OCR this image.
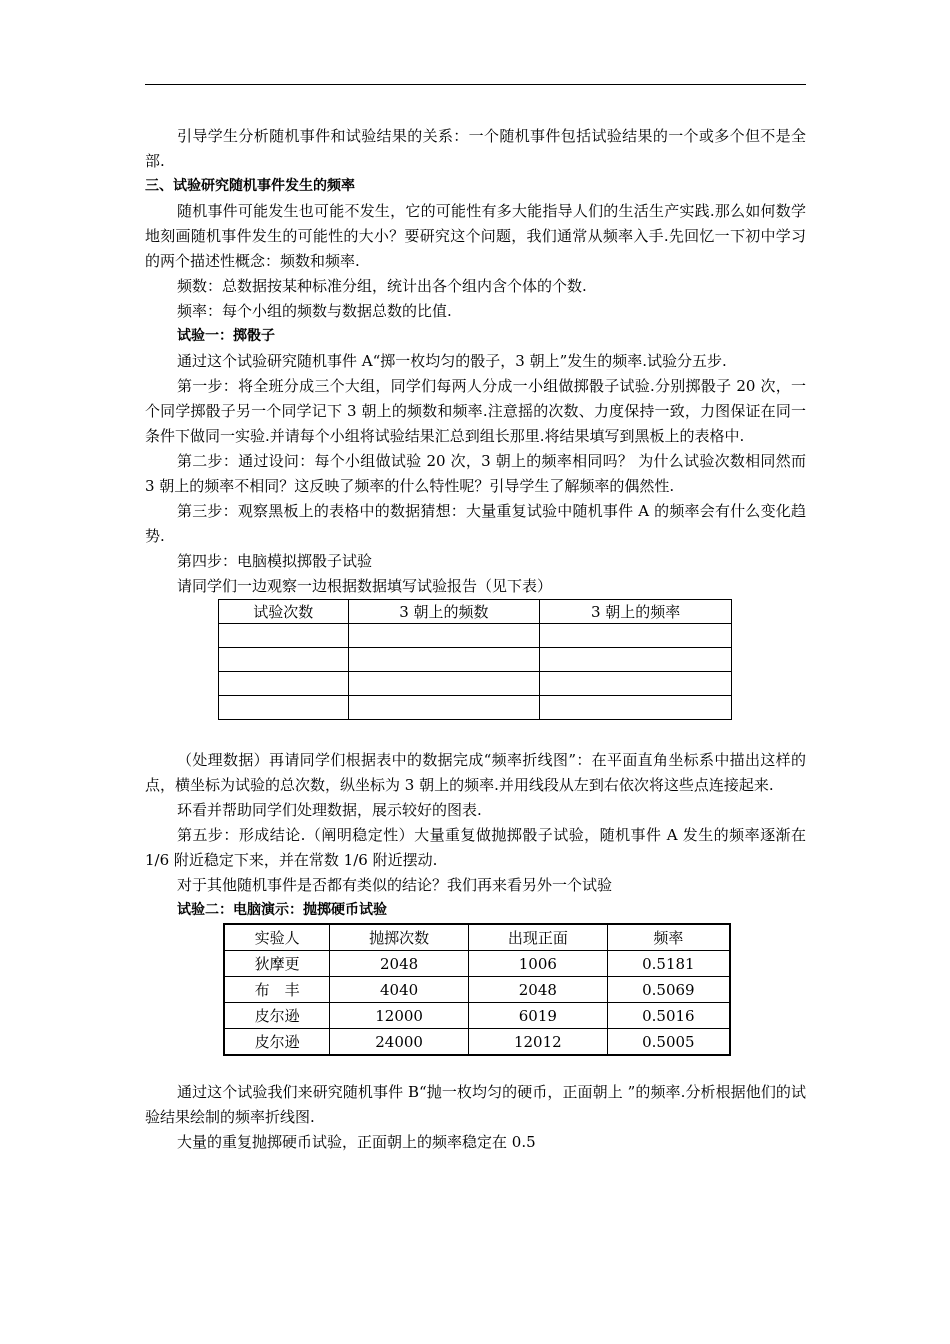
引导学生分析随机事件和试验结果的关系：一个随机事件包括试验结果的一个或多个但不是全部.

三、试验研究随机事件发生的频率

随机事件可能发生也可能不发生，它的可能性有多大能指导人们的生活生产实践.那么如何数学地刻画随机事件发生的可能性的大小？要研究这个问题，我们通常从频率入手.先回忆一下初中学习的两个描述性概念：频数和频率.

频数：总数据按某种标准分组，统计出各个组内含个体的个数.

频率：每个小组的频数与数据总数的比值.

试验一：掷骰子

通过这个试验研究随机事件 A“掷一枚均匀的骰子，3 朝上”发生的频率.试验分五步.

第一步：将全班分成三个大组，同学们每两人分成一小组做掷骰子试验.分别掷骰子 20 次，一个同学掷骰子另一个同学记下 3 朝上的频数和频率.注意摇的次数、力度保持一致，力图保证在同一条件下做同一实验.并请每个小组将试验结果汇总到组长那里.将结果填写到黑板上的表格中.

第二步：通过设问：每个小组做试验 20 次，3 朝上的频率相同吗？ 为什么试验次数相同然而 3 朝上的频率不相同？这反映了频率的什么特性呢？引导学生了解频率的偶然性.

第三步：观察黑板上的表格中的数据猜想：大量重复试验中随机事件 A 的频率会有什么变化趋势.

第四步：电脑模拟掷骰子试验

请同学们一边观察一边根据数据填写试验报告（见下表）

试验次数	3 朝上的频数	3 朝上的频率

（处理数据）再请同学们根据表中的数据完成“频率折线图”：在平面直角坐标系中描出这样的点，横坐标为试验的总次数，纵坐标为 3 朝上的频率.并用线段从左到右依次将这些点连接起来.

环看并帮助同学们处理数据，展示较好的图表.

第五步：形成结论.（阐明稳定性）大量重复做抛掷骰子试验，随机事件 A 发生的频率逐渐在 1/6 附近稳定下来，并在常数 1/6 附近摆动.

对于其他随机事件是否都有类似的结论？我们再来看另外一个试验

试验二：电脑演示：抛掷硬币试验

实验人	抛掷次数	出现正面	频率
狄摩更	2048	1006	0.5181
布　丰	4040	2048	0.5069
皮尔逊	12000	6019	0.5016
皮尔逊	24000	12012	0.5005

通过这个试验我们来研究随机事件 B“抛一枚均匀的硬币，正面朝上 ”的频率.分析根据他们的试验结果绘制的频率折线图.

大量的重复抛掷硬币试验，正面朝上的频率稳定在 0.5
